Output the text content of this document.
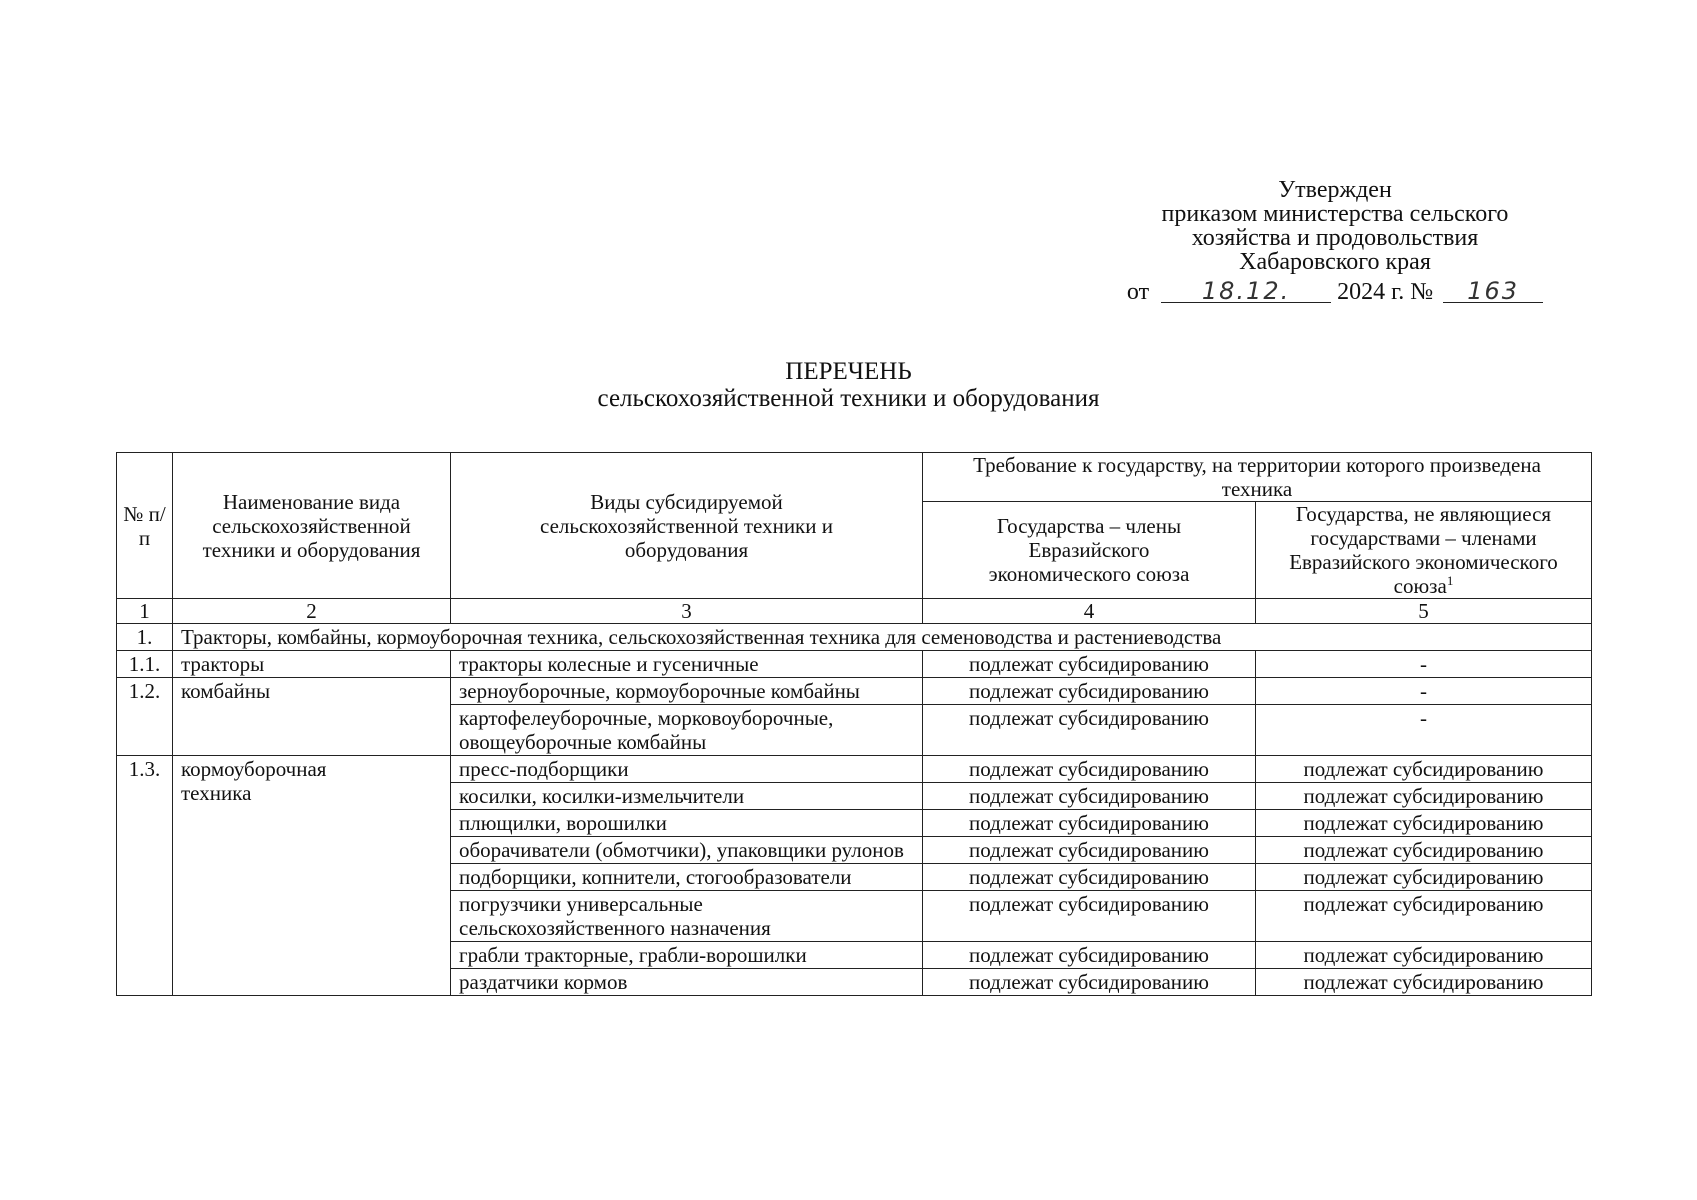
Утвержден
приказом министерства сельского
хозяйства и продовольствия
Хабаровского края
от 18.12. 2024 г. № 163
ПЕРЕЧЕНЬ
сельскохозяйственной техники и оборудования
№ п/п	Наименование вида сельскохозяйственной техники и оборудования	Виды субсидируемой сельскохозяйственной техники и оборудования	Требование к государству, на территории которого произведена техника	
			Государства – члены Евразийского экономического союза	Государства, не являющиеся государствами – членами Евразийского экономического союза$^1$
1	2	3	4	5
1.	Тракторы, комбайны, кормоуборочная техника, сельскохозяйственная техника для семеноводства и растениеводства			
1.1.	тракторы	тракторы колесные и гусеничные	подлежат субсидированию	-
1.2.	комбайны	зерноуборочные, кормоуборочные комбайны	подлежат субсидированию	-
		картофелеуборочные, морковоуборочные, овощеуборочные комбайны	подлежат субсидированию	-
1.3.	кормоуборочная техника	пресс-подборщики	подлежат субсидированию	подлежат субсидированию
		косилки, косилки-измельчители	подлежат субсидированию	подлежат субсидированию
		плющилки, ворошилки	подлежат субсидированию	подлежат субсидированию
		оборачиватели (обмотчики), упаковщики рулонов	подлежат субсидированию	подлежат субсидированию
		подборщики, копнители, стогообразователи	подлежат субсидированию	подлежат субсидированию
		погрузчики универсальные сельскохозяйственного назначения	подлежат субсидированию	подлежат субсидированию
		грабли тракторные, грабли-ворошилки	подлежат субсидированию	подлежат субсидированию
		раздатчики кормов	подлежат субсидированию	подлежат субсидированию
